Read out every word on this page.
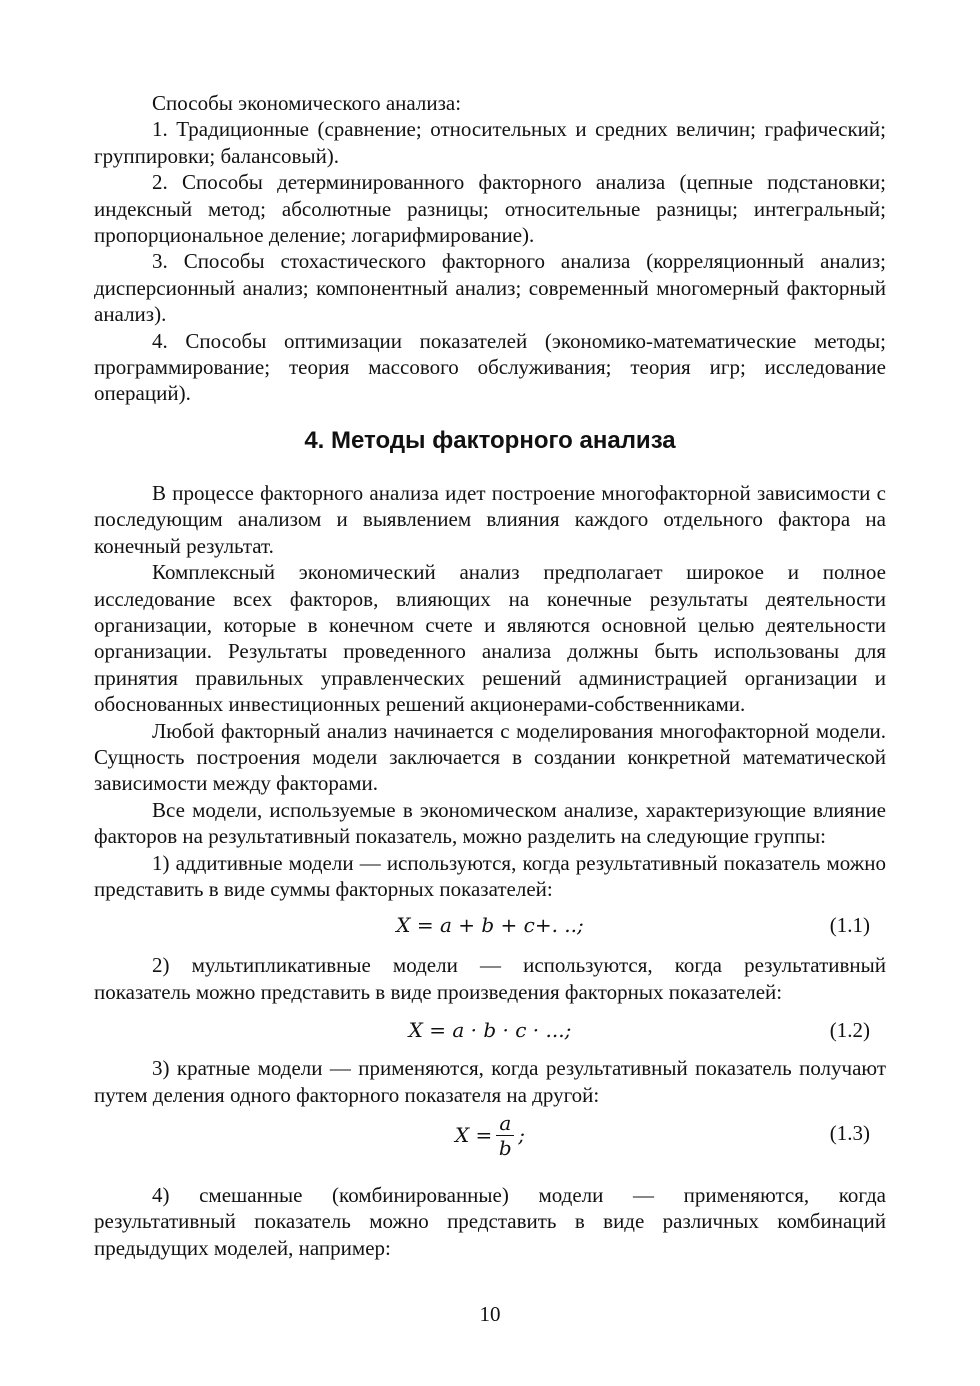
Способы экономического анализа:

1. Традиционные (сравнение; относительных и средних величин; графический; группировки; балансовый).

2. Способы детерминированного факторного анализа (цепные подстановки; индексный метод; абсолютные разницы; относительные разницы; интегральный; пропорциональное деление; логарифмирование).

3. Способы стохастического факторного анализа (корреляционный анализ; дисперсионный анализ; компонентный анализ; современный многомерный факторный анализ).

4. Способы оптимизации показателей (экономико-математические методы; программирование; теория массового обслуживания; теория игр; исследование операций).

4. Методы факторного анализа

В процессе факторного анализа идет построение многофакторной зависимости с последующим анализом и выявлением влияния каждого отдельного фактора на конечный результат.

Комплексный экономический анализ предполагает широкое и полное исследование всех факторов, влияющих на конечные результаты деятельности организации, которые в конечном счете и являются основной целью деятельности организации. Результаты проведенного анализа должны быть использованы для принятия правильных управленческих решений администрацией организации и обоснованных инвестиционных решений акционерами-собственниками.

Любой факторный анализ начинается с моделирования многофакторной модели. Сущность построения модели заключается в создании конкретной математической зависимости между факторами.

Все модели, используемые в экономическом анализе, характеризующие влияние факторов на результативный показатель, можно разделить на следующие группы:

1) аддитивные модели — используются, когда результативный показатель можно представить в виде суммы факторных показателей:

X = a + b + c+. ..;	(1.1)

2) мультипликативные модели — используются, когда результативный показатель можно представить в виде произведения факторных показателей:

X = a · b · c · ...;	(1.2)

3) кратные модели — применяются, когда результативный показатель получают путем деления одного факторного показателя на другой:

$X = \frac{a}{b}$ ;	(1.3)

4) смешанные (комбинированные) модели — применяются, когда результативный показатель можно представить в виде различных комбинаций предыдущих моделей, например:

10
